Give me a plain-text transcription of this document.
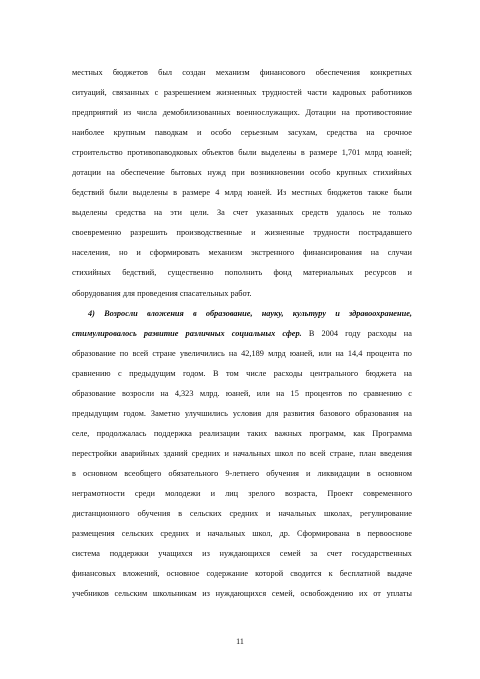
местных бюджетов был создан механизм финансового обеспечения конкретных
ситуаций, связанных с разрешением жизненных трудностей части кадровых работников
предприятий из числа демобилизованных военнослужащих. Дотации на противостояние
наиболее крупным паводкам и особо серьезным засухам, средства на срочное
строительство противопаводковых объектов были выделены в размере 1,701 млрд юаней;
дотации на обеспечение бытовых нужд при возникновении особо крупных стихийных
бедствий были выделены в размере 4 млрд юаней. Из местных бюджетов также были
выделены средства на эти цели. За счет указанных средств удалось не только
своевременно разрешить производственные и жизненные трудности пострадавшего
населения, но и сформировать механизм экстренного финансирования на случаи
стихийных бедствий, существенно пополнить фонд материальных ресурсов и
оборудования для проведения спасательных работ.
4) Возросли вложения в образование, науку, культуру и здравоохранение,
стимулировалось развитие различных социальных сфер. В 2004 году расходы на
образование по всей стране увеличились на 42,189 млрд юаней, или на 14,4 процента по
сравнению с предыдущим годом. В том числе расходы центрального бюджета на
образование возросли на 4,323 млрд. юаней, или на 15 процентов по сравнению с
предыдущим годом. Заметно улучшились условия для развития базового образования на
селе, продолжалась поддержка реализации таких важных программ, как Программа
перестройки аварийных зданий средних и начальных школ по всей стране, план введения
в основном всеобщего обязательного 9-летнего обучения и ликвидации в основном
неграмотности среди молодежи и лиц зрелого возраста, Проект современного
дистанционного обучения в сельских средних и начальных школах, регулирование
размещения сельских средних и начальных школ, др. Сформирована в первооснове
система поддержки учащихся из нуждающихся семей за счет государственных
финансовых вложений, основное содержание которой сводится к бесплатной выдаче
учебников сельским школьникам из нуждающихся семей, освобождению их от уплаты
11
